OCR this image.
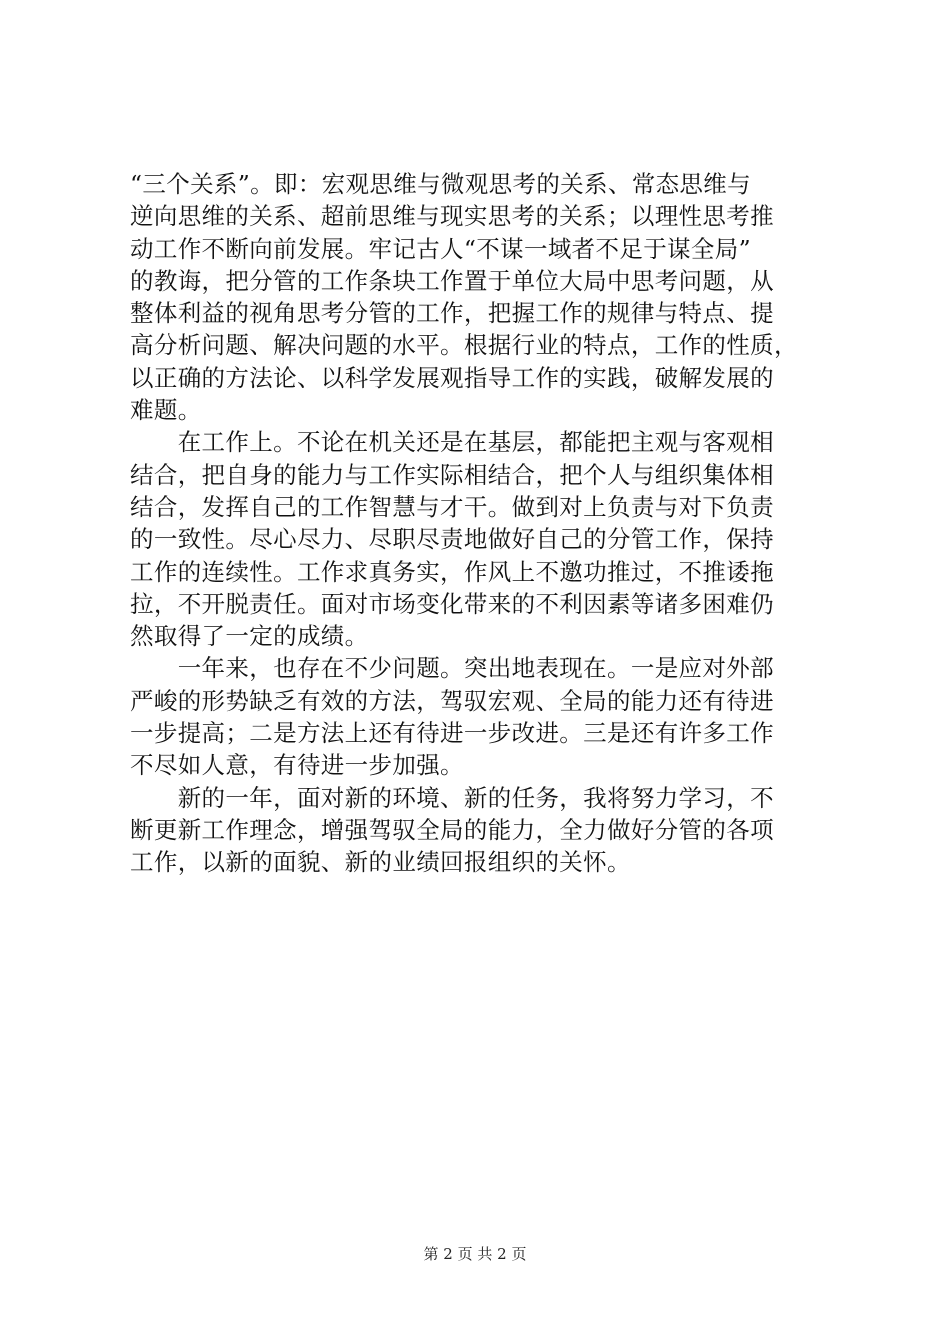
“三个关系”。即：宏观思维与微观思考的关系、常态思维与
逆向思维的关系、超前思维与现实思考的关系；以理性思考推
动工作不断向前发展。牢记古人“不谋一域者不足于谋全局”
的教诲，把分管的工作条块工作置于单位大局中思考问题，从
整体利益的视角思考分管的工作，把握工作的规律与特点、提
高分析问题、解决问题的水平。根据行业的特点，工作的性质，
以正确的方法论、以科学发展观指导工作的实践，破解发展的
难题。
　　在工作上。不论在机关还是在基层，都能把主观与客观相
结合，把自身的能力与工作实际相结合，把个人与组织集体相
结合，发挥自己的工作智慧与才干。做到对上负责与对下负责
的一致性。尽心尽力、尽职尽责地做好自己的分管工作，保持
工作的连续性。工作求真务实，作风上不邀功推过，不推诿拖
拉，不开脱责任。面对市场变化带来的不利因素等诸多困难仍
然取得了一定的成绩。
　　一年来，也存在不少问题。突出地表现在。一是应对外部
严峻的形势缺乏有效的方法，驾驭宏观、全局的能力还有待进
一步提高；二是方法上还有待进一步改进。三是还有许多工作
不尽如人意，有待进一步加强。
　　新的一年，面对新的环境、新的任务，我将努力学习，不
断更新工作理念，增强驾驭全局的能力，全力做好分管的各项
工作，以新的面貌、新的业绩回报组织的关怀。
第 2 页 共 2 页
